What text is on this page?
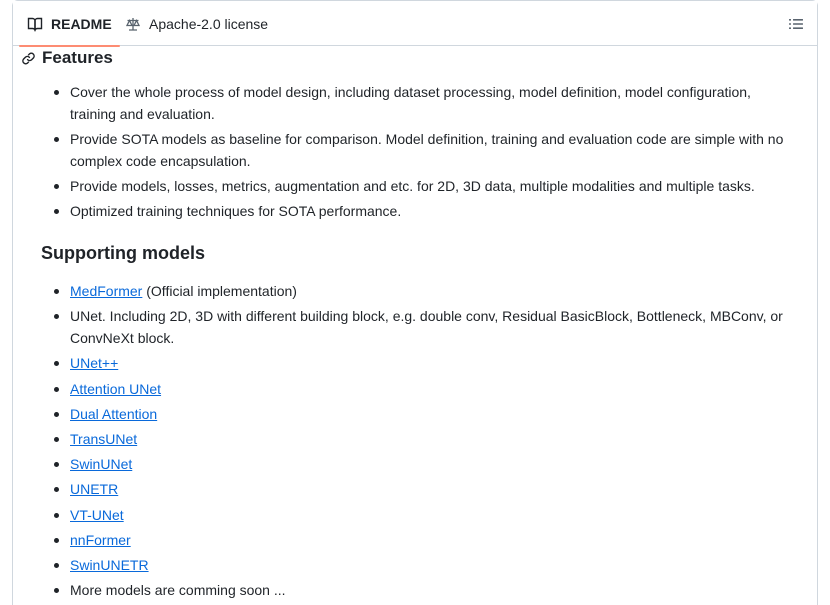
README	Apache-2.0 license
Features
Cover the whole process of model design, including dataset processing, model definition, model configuration, training and evaluation.
Provide SOTA models as baseline for comparison. Model definition, training and evaluation code are simple with no complex code encapsulation.
Provide models, losses, metrics, augmentation and etc. for 2D, 3D data, multiple modalities and multiple tasks.
Optimized training techniques for SOTA performance.
Supporting models
MedFormer (Official implementation)
UNet. Including 2D, 3D with different building block, e.g. double conv, Residual BasicBlock, Bottleneck, MBConv, or ConvNeXt block.
UNet++
Attention UNet
Dual Attention
TransUNet
SwinUNet
UNETR
VT-UNet
nnFormer
SwinUNETR
More models are comming soon ...
